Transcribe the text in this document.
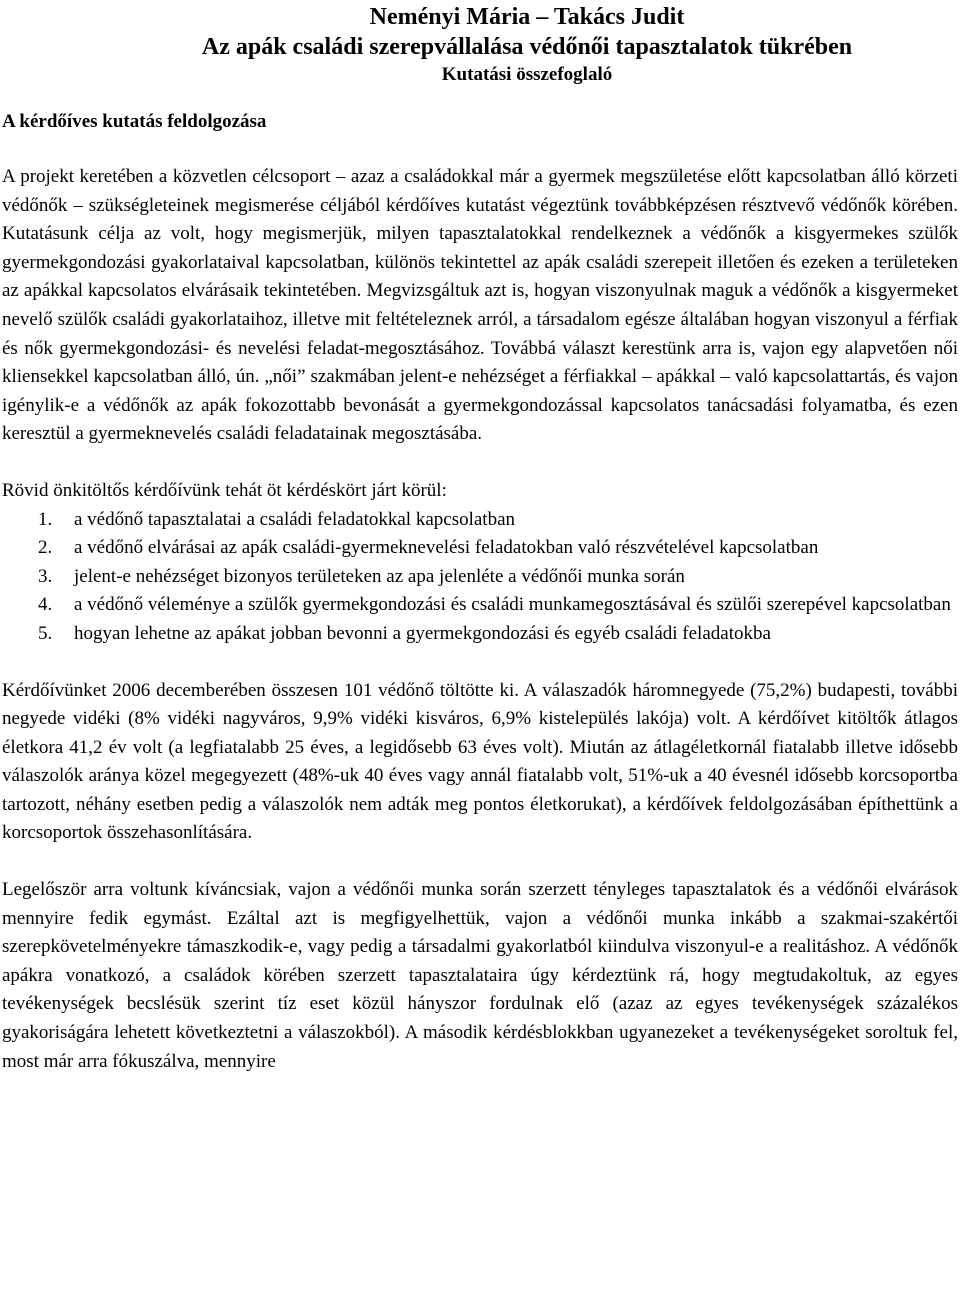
Neményi Mária – Takács Judit
Az apák családi szerepvállalása védőnői tapasztalatok tükrében
Kutatási összefoglaló
A kérdőíves kutatás feldolgozása

A projekt keretében a közvetlen célcsoport – azaz a családokkal már a gyermek megszületése előtt kapcsolatban álló körzeti védőnők – szükségleteinek megismerése céljából kérdőíves kutatást végeztünk továbbképzésen résztvevő védőnők körében. Kutatásunk célja az volt, hogy megismerjük, milyen tapasztalatokkal rendelkeznek a védőnők a kisgyermekes szülők gyermekgondozási gyakorlataival kapcsolatban, különös tekintettel az apák családi szerepeit illetően és ezeken a területeken az apákkal kapcsolatos elvárásaik tekintetében. Megvizsgáltuk azt is, hogyan viszonyulnak maguk a védőnők a kisgyermeket nevelő szülők családi gyakorlataihoz, illetve mit feltételeznek arról, a társadalom egésze általában hogyan viszonyul a férfiak és nők gyermekgondozási- és nevelési feladat-megosztásához. Továbbá választ kerestünk arra is, vajon egy alapvetően női kliensekkel kapcsolatban álló, ún. „női” szakmában jelent-e nehézséget a férfiakkal – apákkal – való kapcsolattartás, és vajon igénylik-e a védőnők az apák fokozottabb bevonását a gyermekgondozással kapcsolatos tanácsadási folyamatba, és ezen keresztül a gyermeknevelés családi feladatainak megosztásába.

Rövid önkitöltős kérdőívünk tehát öt kérdéskört járt körül:

1.	a védőnő tapasztalatai a családi feladatokkal kapcsolatban
2.	a védőnő elvárásai az apák családi-gyermeknevelési feladatokban való részvételével kapcsolatban
3.	jelent-e nehézséget bizonyos területeken az apa jelenléte a védőnői munka során
4.	a védőnő véleménye a szülők gyermekgondozási és családi munkamegosztásával és szülői szerepével kapcsolatban
5.	hogyan lehetne az apákat jobban bevonni a gyermekgondozási és egyéb családi feladatokba

Kérdőívünket 2006 decemberében összesen 101 védőnő töltötte ki. A válaszadók háromnegyede (75,2%) budapesti, további negyede vidéki (8% vidéki nagyváros, 9,9% vidéki kisváros, 6,9% kistelepülés lakója) volt. A kérdőívet kitöltők átlagos életkora 41,2 év volt (a legfiatalabb 25 éves, a legidősebb 63 éves volt). Miután az átlagéletkornál fiatalabb illetve idősebb válaszolók aránya közel megegyezett (48%-uk 40 éves vagy annál fiatalabb volt, 51%-uk a 40 évesnél idősebb korcsoportba tartozott, néhány esetben pedig a válaszolók nem adták meg pontos életkorukat), a kérdőívek feldolgozásában építhettünk a korcsoportok összehasonlítására.

Legelőször arra voltunk kíváncsiak, vajon a védőnői munka során szerzett tényleges tapasztalatok és a védőnői elvárások mennyire fedik egymást. Ezáltal azt is megfigyelhettük, vajon a védőnői munka inkább a szakmai-szakértői szerepkövetelményekre támaszkodik-e, vagy pedig a társadalmi gyakorlatból kiindulva viszonyul-e a realitáshoz. A védőnők apákra vonatkozó, a családok körében szerzett tapasztalataira úgy kérdeztünk rá, hogy megtudakoltuk, az egyes tevékenységek becslésük szerint tíz eset közül hányszor fordulnak elő (azaz az egyes tevékenységek százalékos gyakoriságára lehetett következtetni a válaszokból). A második kérdésblokkban ugyanezeket a tevékenységeket soroltuk fel, most már arra fókuszálva, mennyire
